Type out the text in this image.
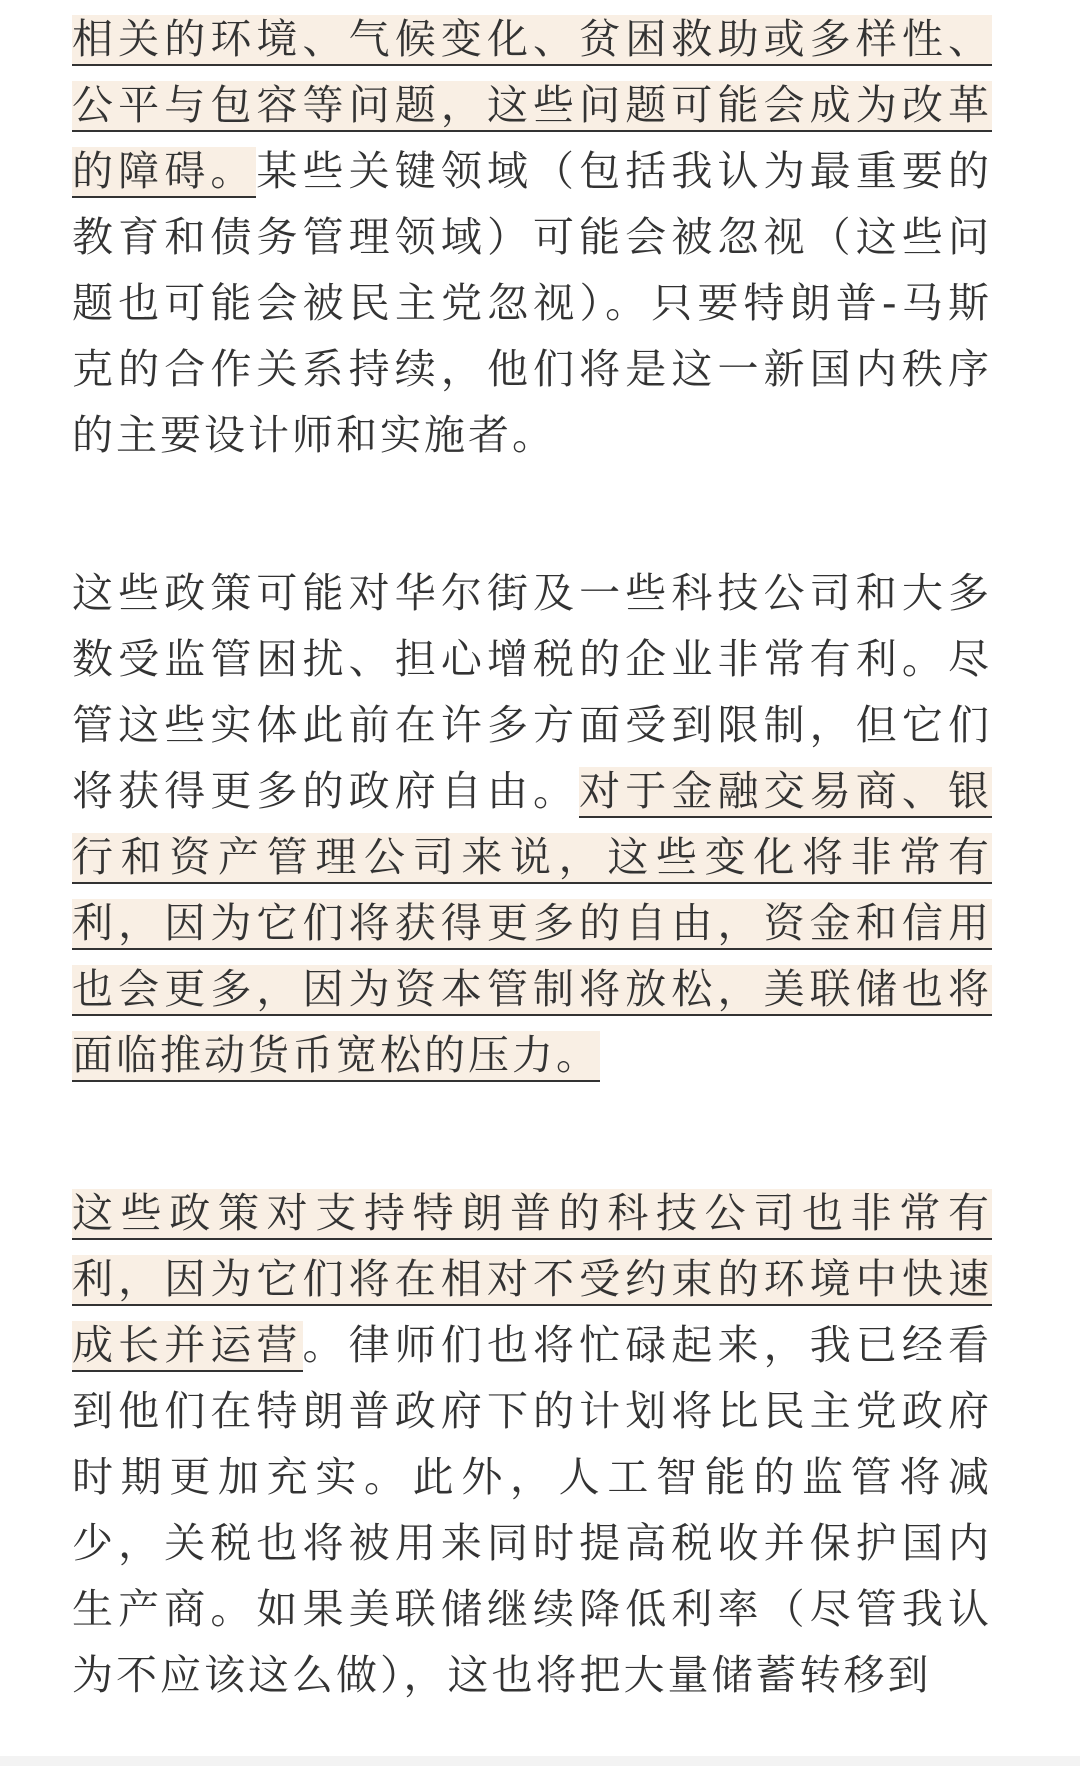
相关的环境、气候变化、贫困救助或多样性、公平与包容等问题，这些问题可能会成为改革的障碍。某些关键领域（包括我认为最重要的教育和债务管理领域）可能会被忽视（这些问题也可能会被民主党忽视）。只要特朗普-马斯克的合作关系持续，他们将是这一新国内秩序的主要设计师和实施者。

这些政策可能对华尔街及一些科技公司和大多数受监管困扰、担心增税的企业非常有利。尽管这些实体此前在许多方面受到限制，但它们将获得更多的政府自由。对于金融交易商、银行和资产管理公司来说，这些变化将非常有利，因为它们将获得更多的自由，资金和信用也会更多，因为资本管制将放松，美联储也将面临推动货币宽松的压力。

这些政策对支持特朗普的科技公司也非常有利，因为它们将在相对不受约束的环境中快速成长并运营。律师们也将忙碌起来，我已经看到他们在特朗普政府下的计划将比民主党政府时期更加充实。此外，人工智能的监管将减少，关税也将被用来同时提高税收并保护国内生产商。如果美联储继续降低利率（尽管我认为不应该这么做），这也将把大量储蓄转移到
